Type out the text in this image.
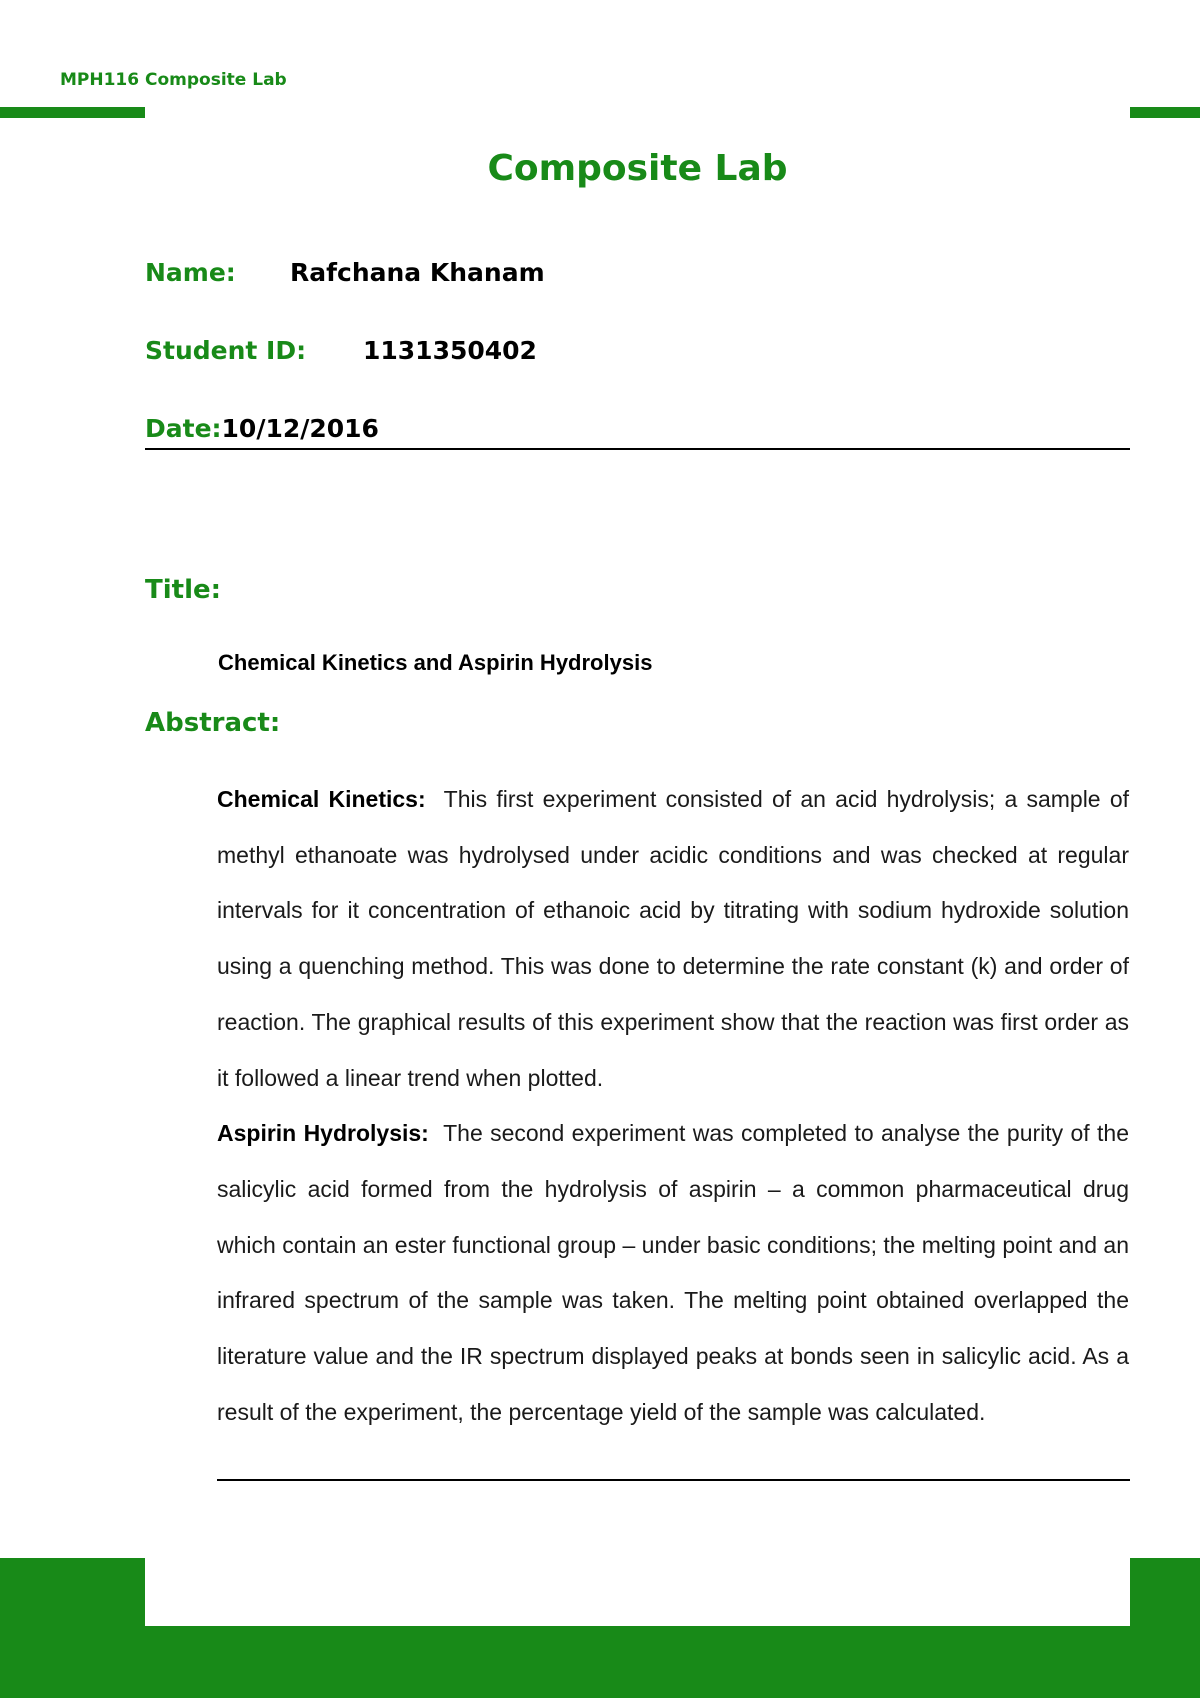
MPH116 Composite Lab
Composite Lab
Name: Rafchana Khanam
Student ID: 1131350402
Date:10/12/2016
Title:
Chemical Kinetics and Aspirin Hydrolysis
Abstract:

Chemical Kinetics: This first experiment consisted of an acid hydrolysis; a sample of methyl ethanoate was hydrolysed under acidic conditions and was checked at regular intervals for it concentration of ethanoic acid by titrating with sodium hydroxide solution using a quenching method. This was done to determine the rate constant (k) and order of reaction. The graphical results of this experiment show that the reaction was first order as it followed a linear trend when plotted.

Aspirin Hydrolysis: The second experiment was completed to analyse the purity of the salicylic acid formed from the hydrolysis of aspirin – a common pharmaceutical drug which contain an ester functional group – under basic conditions; the melting point and an infrared spectrum of the sample was taken. The melting point obtained overlapped the literature value and the IR spectrum displayed peaks at bonds seen in salicylic acid. As a result of the experiment, the percentage yield of the sample was calculated.
